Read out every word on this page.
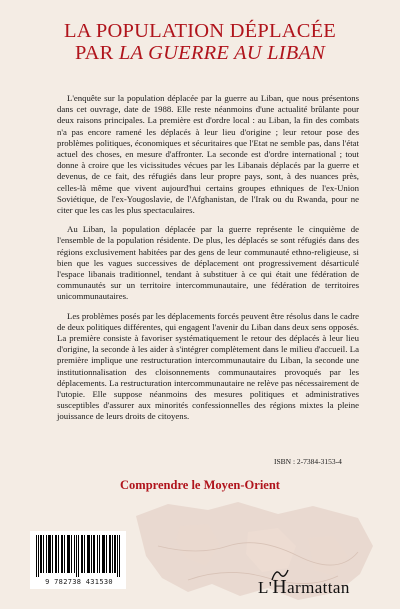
LA POPULATION DÉPLACÉE
PAR LA GUERRE AU LIBAN

L'enquête sur la population déplacée par la guerre au Liban, que nous présentons dans cet ouvrage, date de 1988. Elle reste néanmoins d'une actualité brûlante pour deux raisons principales. La première est d'ordre local : au Liban, la fin des combats n'a pas encore ramené les déplacés à leur lieu d'origine ; leur retour pose des problèmes politiques, économiques et sécuritaires que l'Etat ne semble pas, dans l'état actuel des choses, en mesure d'affronter. La seconde est d'ordre international ; tout donne à croire que les vicissitudes vécues par les Libanais déplacés par la guerre et devenus, de ce fait, des réfugiés dans leur propre pays, sont, à des nuances près, celles-là même que vivent aujourd'hui certains groupes ethniques de l'ex-Union Soviétique, de l'ex-Yougoslavie, de l'Afghanistan, de l'Irak ou du Rwanda, pour ne citer que les cas les plus spectaculaires.

Au Liban, la population déplacée par la guerre représente le cinquième de l'ensemble de la population résidente. De plus, les déplacés se sont réfugiés dans des régions exclusivement habitées par des gens de leur communauté ethno-religieuse, si bien que les vagues successives de déplacement ont progressivement désarticulé l'espace libanais traditionnel, tendant à substituer à ce qui était une fédération de communautés sur un territoire intercommunautaire, une fédération de territoires unicommunautaires.

Les problèmes posés par les déplacements forcés peuvent être résolus dans le cadre de deux politiques différentes, qui engagent l'avenir du Liban dans deux sens opposés. La première consiste à favoriser systématiquement le retour des déplacés à leur lieu d'origine, la seconde à les aider à s'intégrer complètement dans le milieu d'accueil. La première implique une restructuration intercommunautaire du Liban, la seconde une institutionnalisation des cloisonnements communautaires provoqués par les déplacements. La restructuration intercommunautaire ne relève pas nécessairement de l'utopie. Elle suppose néanmoins des mesures politiques et administratives susceptibles d'assurer aux minorités confessionnelles des régions mixtes la pleine jouissance de leurs droits de citoyens.

ISBN : 2-7384-3153-4
Comprendre le Moyen-Orient
9 782738 431530	L'Harmattan
